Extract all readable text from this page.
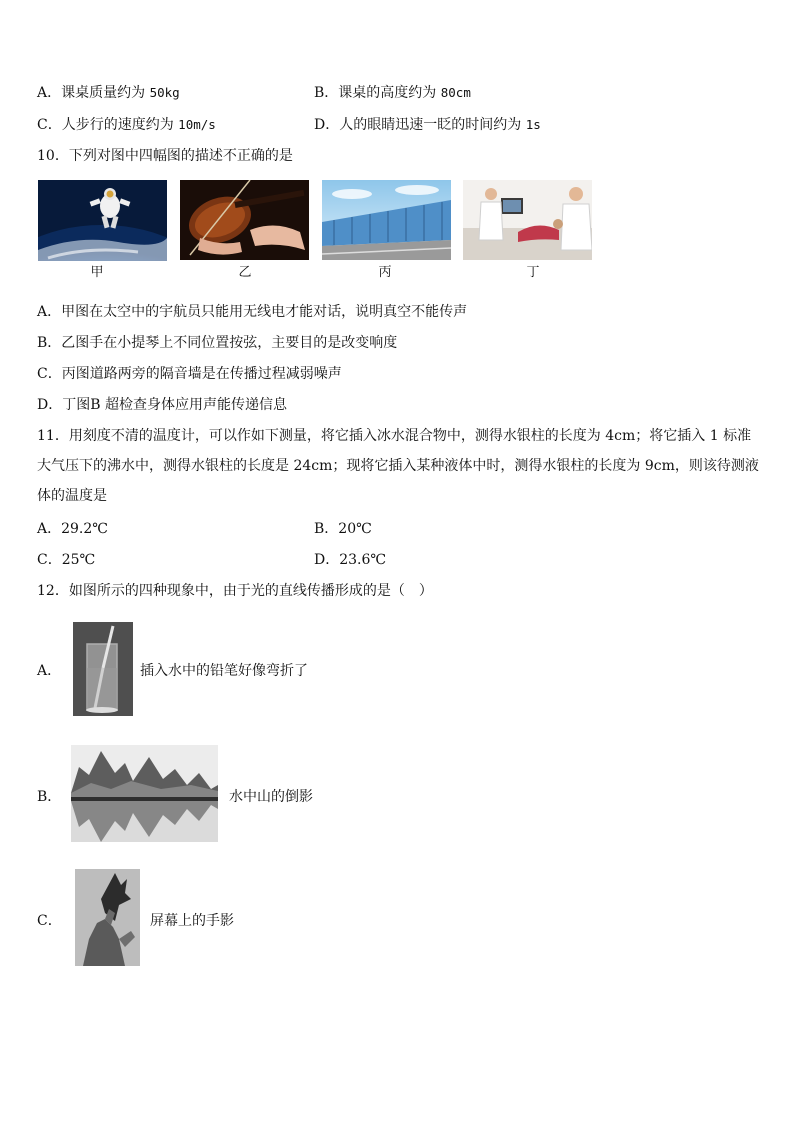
A．课桌质量约为 50kg	B．课桌的高度约为 80cm
C．人步行的速度约为 10m/s	D．人的眼睛迅速一眨的时间约为 1s
10．下列对图中四幅图的描述不正确的是
甲	乙	丙	丁
A．甲图在太空中的宇航员只能用无线电才能对话，说明真空不能传声
B．乙图手在小提琴上不同位置按弦，主要目的是改变响度
C．丙图道路两旁的隔音墙是在传播过程减弱噪声
D．丁图B 超检查身体应用声能传递信息
11．用刻度不清的温度计，可以作如下测量，将它插入冰水混合物中，测得水银柱的长度为 4cm；将它插入 1 标准大气压下的沸水中，测得水银柱的长度是 24cm；现将它插入某种液体中时，测得水银柱的长度为 9cm，则该待测液体的温度是
A．29.2℃	B．20℃
C．25℃	D．23.6℃
12．如图所示的四种现象中，由于光的直线传播形成的是（　）
A．	插入水中的铅笔好像弯折了
B．	水中山的倒影
C．	屏幕上的手影
